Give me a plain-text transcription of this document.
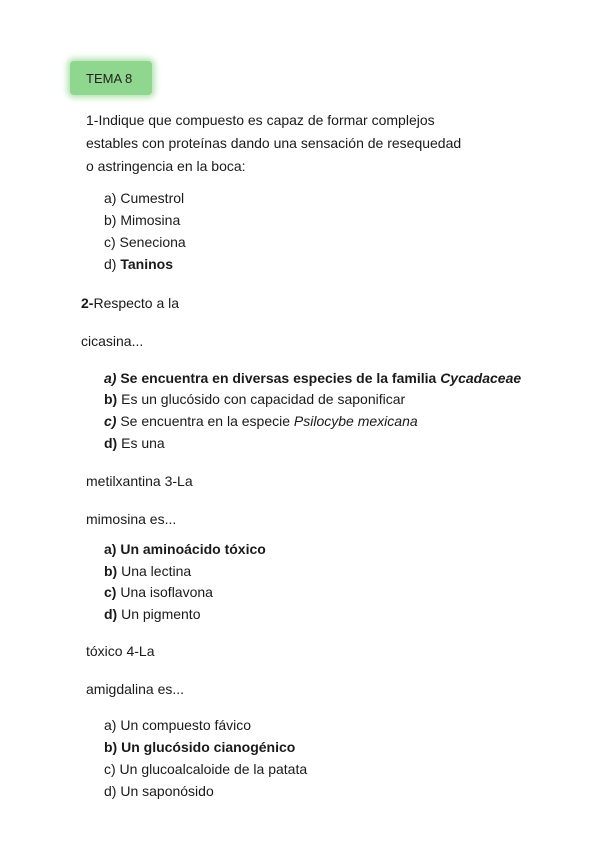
TEMA 8
1-Indique que compuesto es capaz de formar complejos
estables con proteínas dando una sensación de resequedad
o astringencia en la boca:
a) Cumestrol
b) Mimosina
c) Seneciona
d) Taninos
2-Respecto a la
cicasina...
a) Se encuentra en diversas especies de la familia Cycadaceae
b) Es un glucósido con capacidad de saponificar
c) Se encuentra en la especie Psilocybe mexicana
d) Es una
metilxantina 3-La
mimosina es...
a) Un aminoácido tóxico
b) Una lectina
c) Una isoflavona
d) Un pigmento
tóxico 4-La
amigdalina es...
a) Un compuesto fávico
b) Un glucósido cianogénico
c) Un glucoalcaloide de la patata
d) Un saponósido
